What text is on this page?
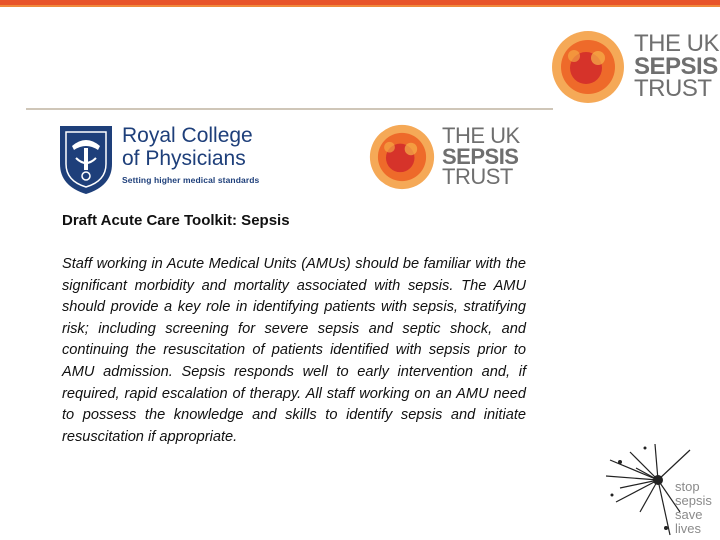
THE UK
SEPSIS
TRUST
Royal College
of Physicians
Setting higher medical standards
THE UK
SEPSIS
TRUST
Draft Acute Care Toolkit: Sepsis
Staff working in Acute Medical Units (AMUs) should be familiar with the significant morbidity and mortality associated with sepsis. The AMU should provide a key role in identifying patients with sepsis, stratifying risk; including screening for severe sepsis and septic shock, and continuing the resuscitation of patients identified with sepsis prior to AMU admission. Sepsis responds well to early intervention and, if required, rapid escalation of therapy. All staff working on an AMU need to possess the knowledge and skills to identify sepsis and initiate resuscitation if appropriate.
stop
sepsis
save
lives
